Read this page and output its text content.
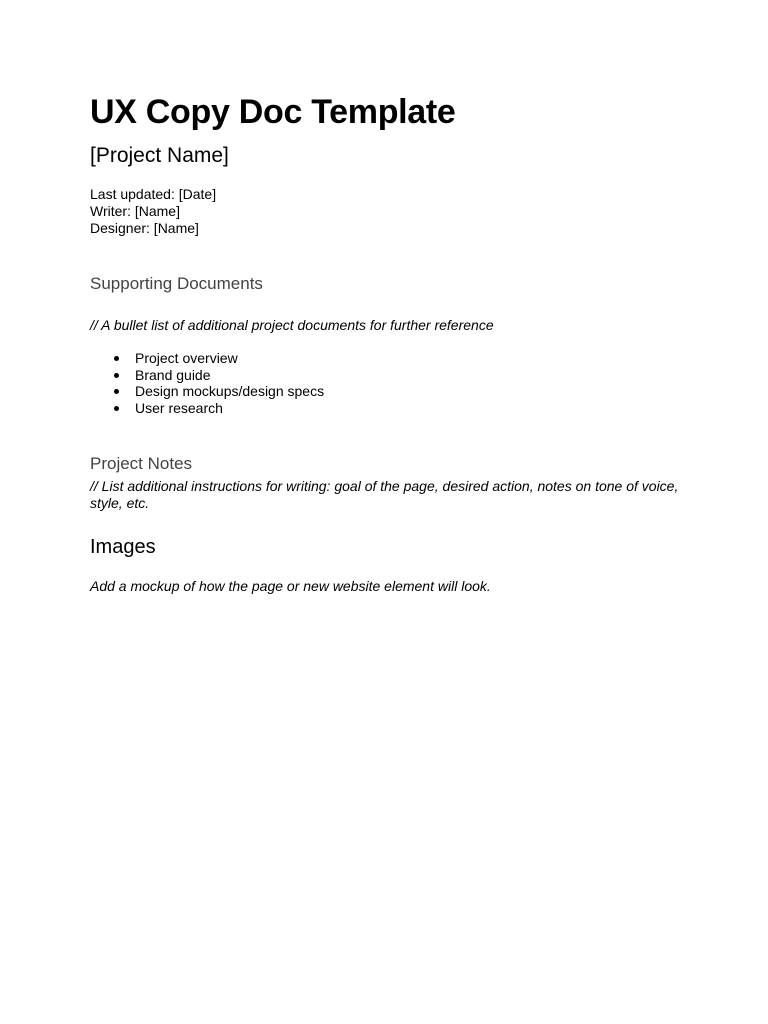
UX Copy Doc Template
[Project Name]
Last updated: [Date]
Writer: [Name]
Designer: [Name]
Supporting Documents

// A bullet list of additional project documents for further reference

Project overview
Brand guide
Design mockups/design specs
User research
Project Notes

// List additional instructions for writing: goal of the page, desired action, notes on tone of voice, style, etc.

Images

Add a mockup of how the page or new website element will look.
